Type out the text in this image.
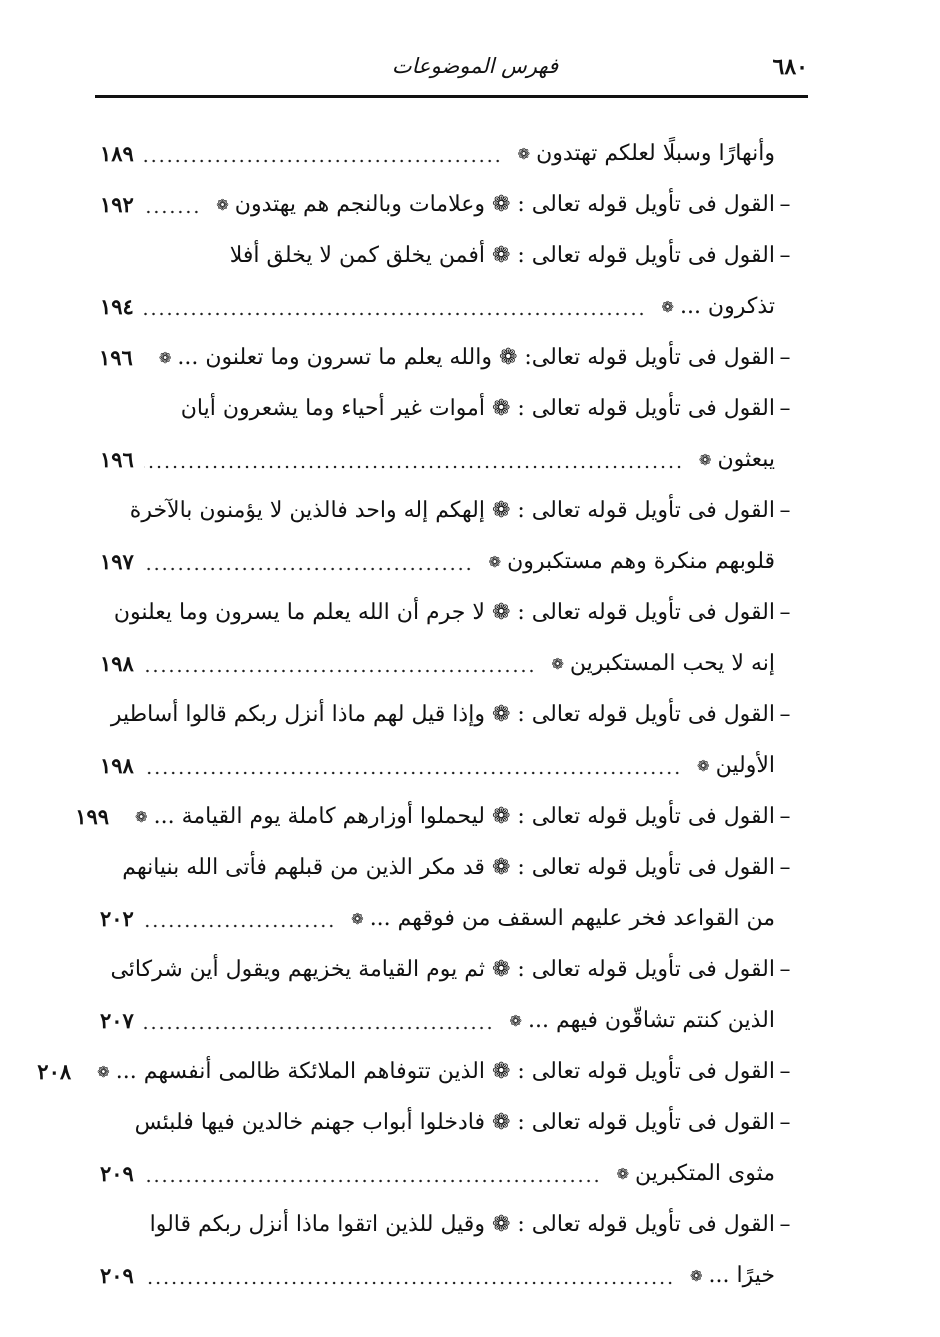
٦٨٠
فهرس الموضوعات
وأنهارًا وسبلًا لعلكم تهتدون
❁
١٨٩
–
القول فى تأويل قوله تعالى : ❁ وعلامات وبالنجم هم يهتدون
❁
١٩٢
–
القول فى تأويل قوله تعالى : ❁ أفمن يخلق كمن لا يخلق أفلا
تذكرون ...
❁
١٩٤
–
القول فى تأويل قوله تعالى: ❁ والله يعلم ما تسرون وما تعلنون ...
❁
١٩٦
–
القول فى تأويل قوله تعالى : ❁ أموات غير أحياء وما يشعرون أيان
يبعثون
❁
١٩٦
–
القول فى تأويل قوله تعالى : ❁ إلهكم إله واحد فالذين لا يؤمنون بالآخرة
قلوبهم منكرة وهم مستكبرون
❁
١٩٧
–
القول فى تأويل قوله تعالى : ❁ لا جرم أن الله يعلم ما يسرون وما يعلنون
إنه لا يحب المستكبرين
❁
١٩٨
–
القول فى تأويل قوله تعالى : ❁ وإذا قيل لهم ماذا أنزل ربكم قالوا أساطير
الأولين
❁
١٩٨
–
القول فى تأويل قوله تعالى : ❁ ليحملوا أوزارهم كاملة يوم القيامة ...
❁
١٩٩
–
القول فى تأويل قوله تعالى : ❁ قد مكر الذين من قبلهم فأتى الله بنيانهم
من القواعد فخر عليهم السقف من فوقهم ...
❁
٢٠٢
–
القول فى تأويل قوله تعالى : ❁ ثم يوم القيامة يخزيهم ويقول أين شركائى
الذين كنتم تشاقّون فيهم ...
❁
٢٠٧
–
القول فى تأويل قوله تعالى : ❁ الذين تتوفاهم الملائكة ظالمى أنفسهم ...
❁
٢٠٨
–
القول فى تأويل قوله تعالى : ❁ فادخلوا أبواب جهنم خالدين فيها فلبئس
مثوى المتكبرين
❁
٢٠٩
–
القول فى تأويل قوله تعالى : ❁ وقيل للذين اتقوا ماذا أنزل ربكم قالوا
خيرًا ...
❁
٢٠٩
